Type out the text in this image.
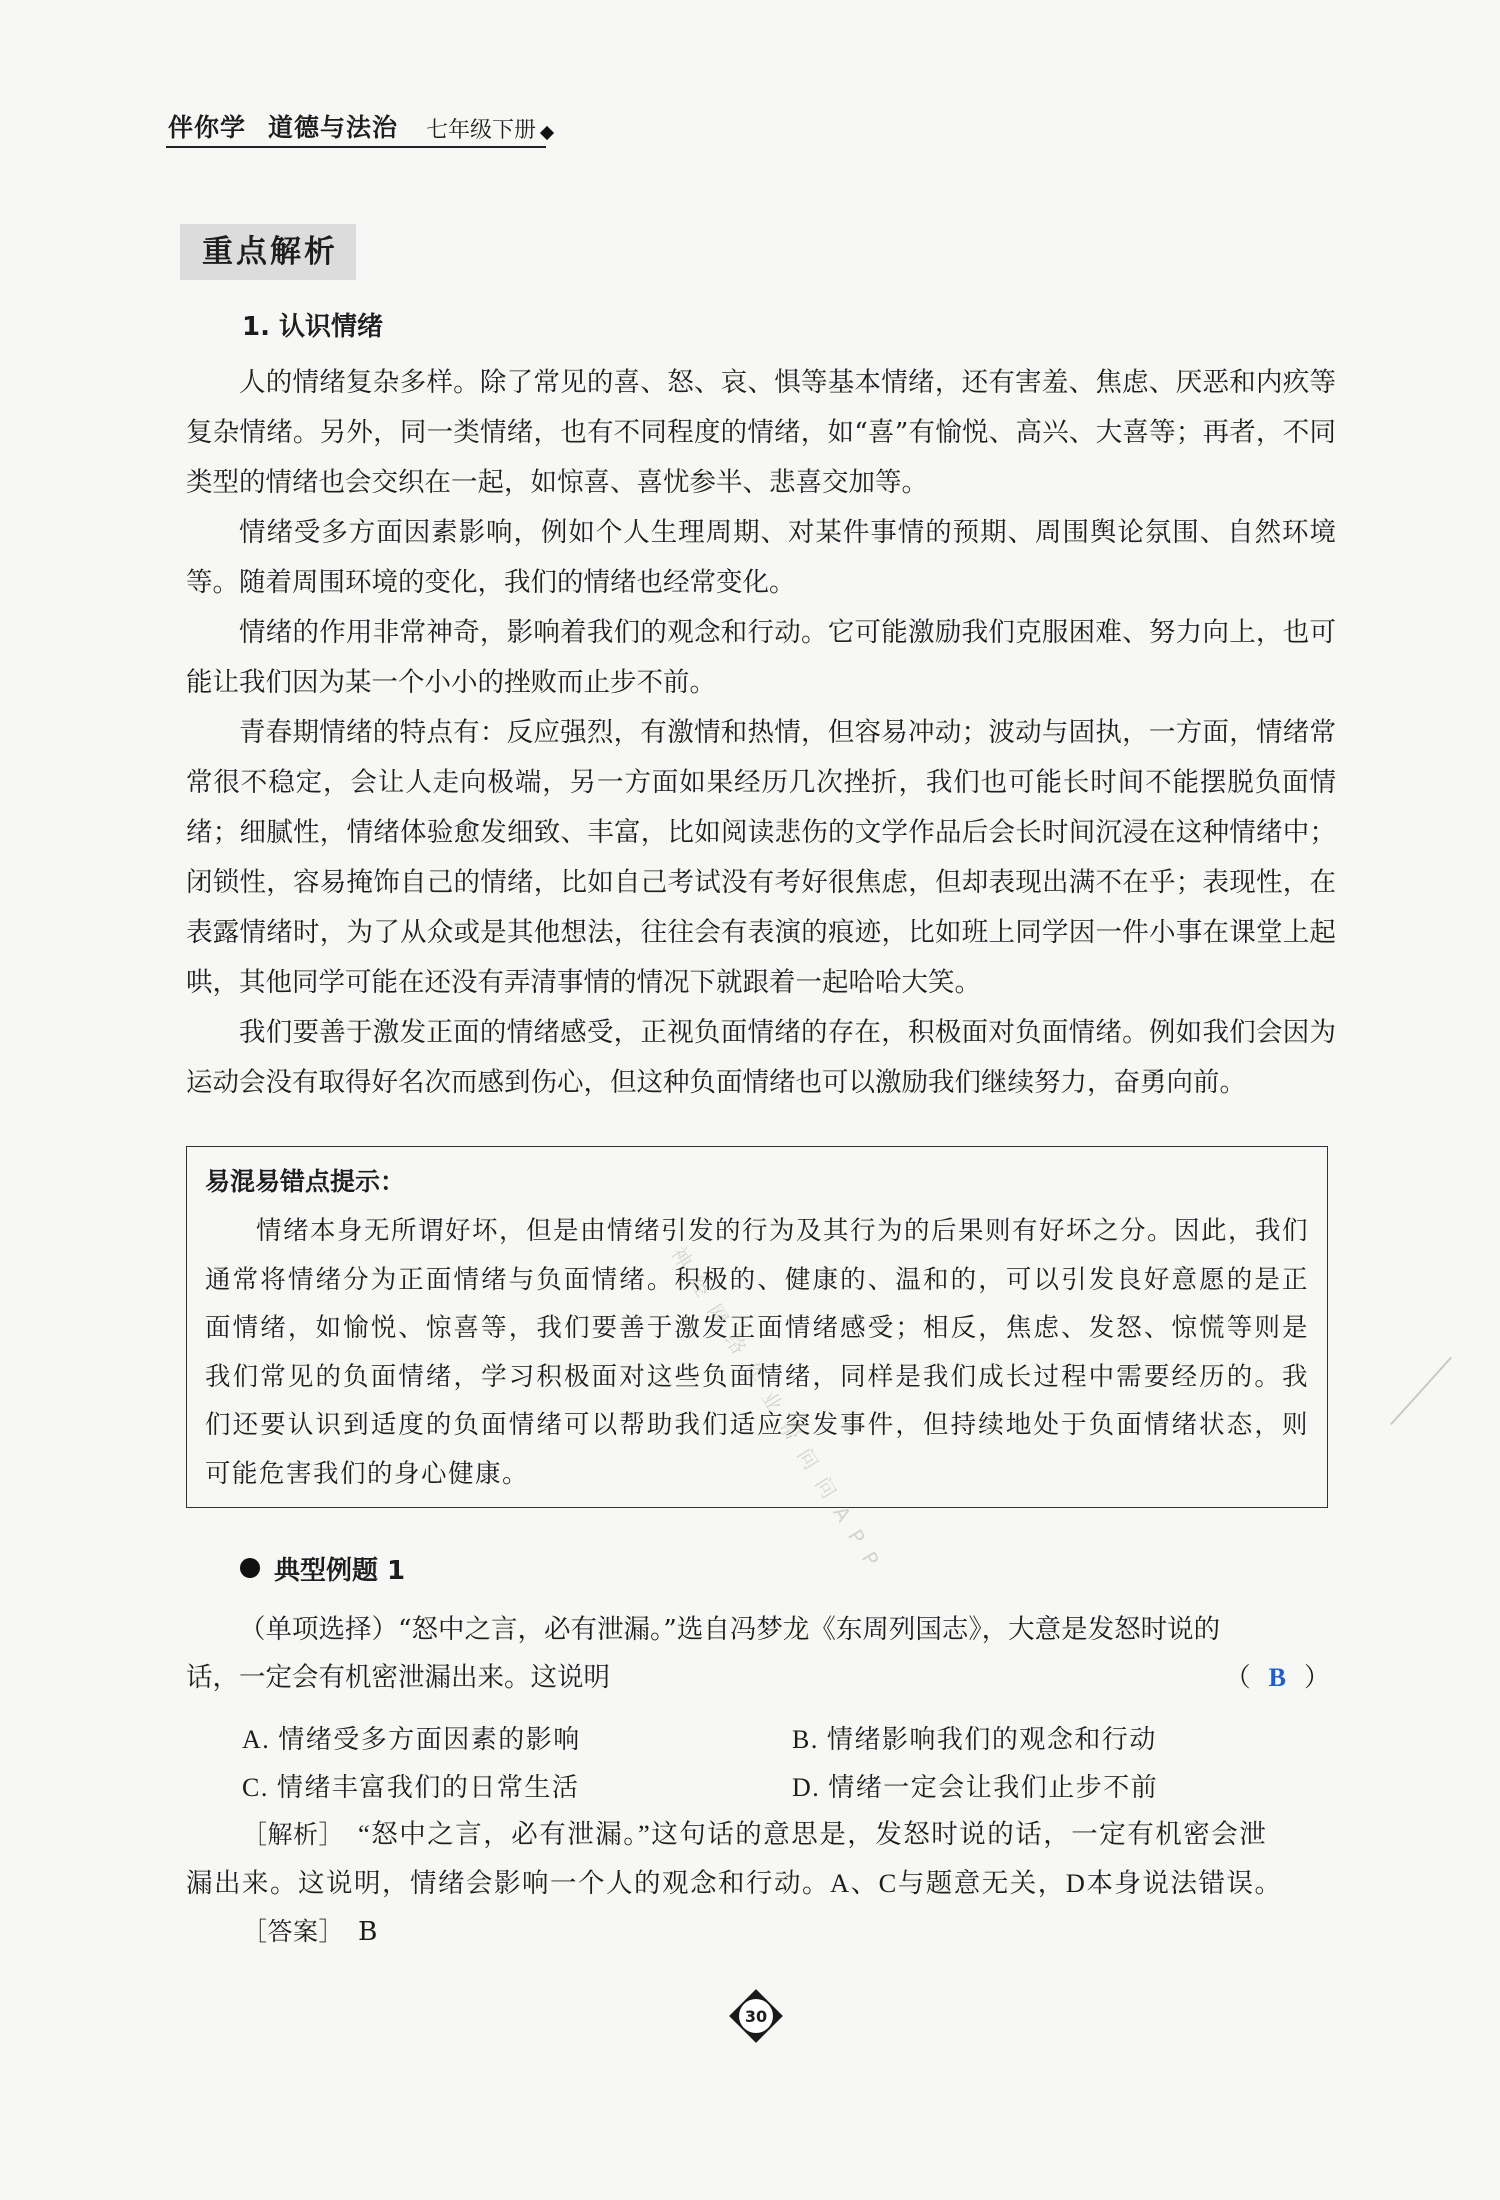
伴你学 道德与法治 七年级下册
重点解析
1. 认识情绪

人的情绪复杂多样。除了常见的喜、怒、哀、惧等基本情绪，还有害羞、焦虑、厌恶和内疚等复杂情绪。另外，同一类情绪，也有不同程度的情绪，如“喜”有愉悦、高兴、大喜等；再者，不同类型的情绪也会交织在一起，如惊喜、喜忧参半、悲喜交加等。

情绪受多方面因素影响，例如个人生理周期、对某件事情的预期、周围舆论氛围、自然环境等。随着周围环境的变化，我们的情绪也经常变化。

情绪的作用非常神奇，影响着我们的观念和行动。它可能激励我们克服困难、努力向上，也可能让我们因为某一个小小的挫败而止步不前。

青春期情绪的特点有：反应强烈，有激情和热情，但容易冲动；波动与固执，一方面，情绪常常很不稳定，会让人走向极端，另一方面如果经历几次挫折，我们也可能长时间不能摆脱负面情绪；细腻性，情绪体验愈发细致、丰富，比如阅读悲伤的文学作品后会长时间沉浸在这种情绪中；闭锁性，容易掩饰自己的情绪，比如自己考试没有考好很焦虑，但却表现出满不在乎；表现性，在表露情绪时，为了从众或是其他想法，往往会有表演的痕迹，比如班上同学因一件小事在课堂上起哄，其他同学可能在还没有弄清事情的情况下就跟着一起哈哈大笑。

我们要善于激发正面的情绪感受，正视负面情绪的存在，积极面对负面情绪。例如我们会因为运动会没有取得好名次而感到伤心，但这种负面情绪也可以激励我们继续努力，奋勇向前。

易混易错点提示：

情绪本身无所谓好坏，但是由情绪引发的行为及其行为的后果则有好坏之分。因此，我们通常将情绪分为正面情绪与负面情绪。积极的、健康的、温和的，可以引发良好意愿的是正面情绪，如愉悦、惊喜等，我们要善于激发正面情绪感受；相反，焦虑、发怒、惊慌等则是我们常见的负面情绪，学习积极面对这些负面情绪，同样是我们成长过程中需要经历的。我们还要认识到适度的负面情绪可以帮助我们适应突发事件，但持续地处于负面情绪状态，则可能危害我们的身心健康。	神经网络作业帮问问APP
典型例题 1
（单项选择）“怒中之言，必有泄漏。”选自冯梦龙《东周列国志》，大意是发怒时说的
话，一定会有机密泄漏出来。这说明	（ B ）
A. 情绪受多方面因素的影响	B. 情绪影响我们的观念和行动
C. 情绪丰富我们的日常生活	D. 情绪一定会让我们止步不前
［解析］ “怒中之言，必有泄漏。”这句话的意思是，发怒时说的话，一定有机密会泄
漏出来。这说明，情绪会影响一个人的观念和行动。A、C与题意无关，D本身说法错误。
［答案］ B
30
